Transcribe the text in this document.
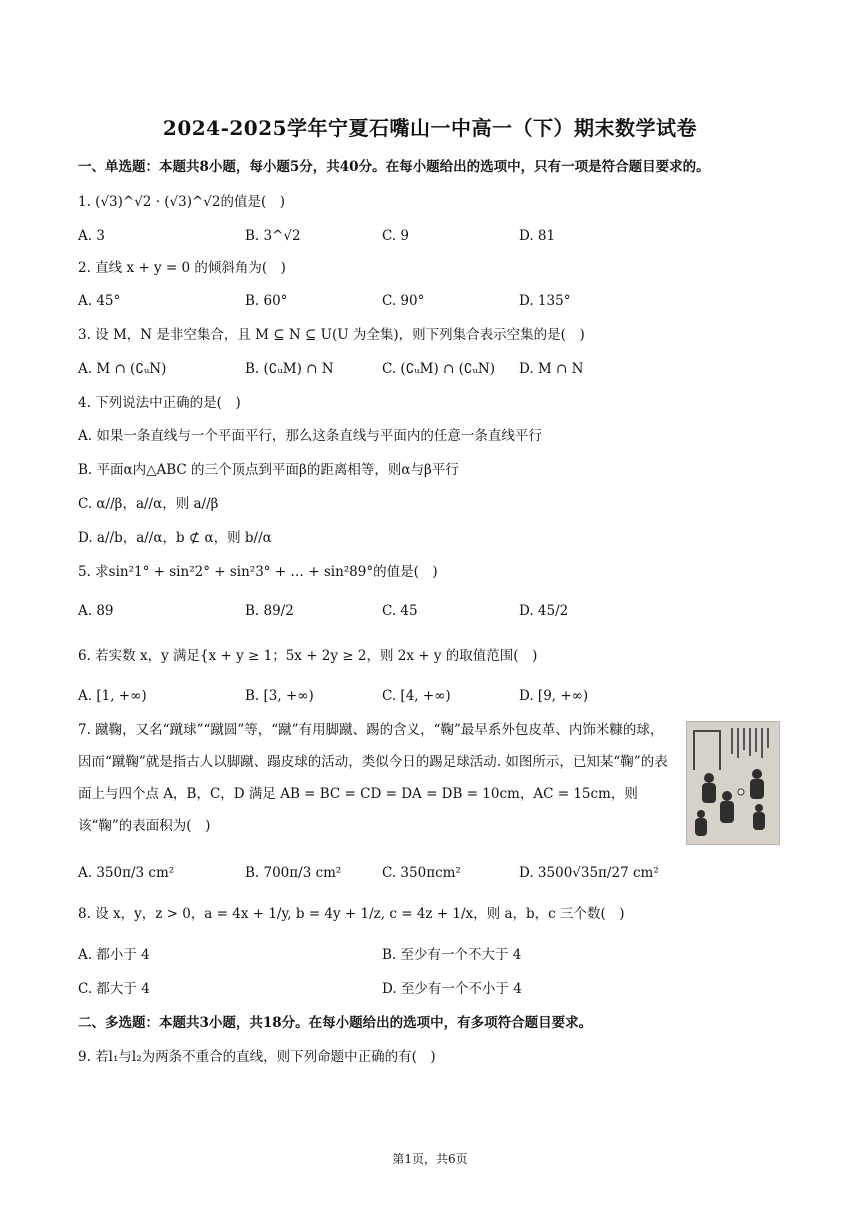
2024-2025学年宁夏石嘴山一中高一（下）期末数学试卷
一、单选题：本题共8小题，每小题5分，共40分。在每小题给出的选项中，只有一项是符合题目要求的。
1. (√3)^√2 · (√3)^√2的值是(　)
A. 3	B. 3^√2	C. 9	D. 81
2. 直线 x + y = 0 的倾斜角为(　)
A. 45°	B. 60°	C. 90°	D. 135°
3. 设 M，N 是非空集合，且 M ⊆ N ⊆ U(U 为全集)，则下列集合表示空集的是(　)
A. M ∩ (∁ᵤN)	B. (∁ᵤM) ∩ N	C. (∁ᵤM) ∩ (∁ᵤN) D. M ∩ N
4. 下列说法中正确的是(　)
A. 如果一条直线与一个平面平行，那么这条直线与平面内的任意一条直线平行
B. 平面α内△ABC 的三个顶点到平面β的距离相等，则α与β平行
C. α//β，a//α，则 a//β
D. a//b，a//α，b ⊄ α，则 b//α
5. 求sin²1° + sin²2° + sin²3° + … + sin²89°的值是(　)
A. 89	B. 89/2	C. 45	D. 45/2
6. 若实数 x，y 满足{x + y ≥ 1；5x + 2y ≥ 2，则 2x + y 的取值范围(　)
A. [1, +∞)	B. [3, +∞)	C. [4, +∞)	D. [9, +∞)
7. 蹴鞠，又名“蹴球”“蹴圆”等，“蹴”有用脚蹴、踢的含义，“鞠”最早系外包皮革、内饰米糠的球，因而“蹴鞠”就是指古人以脚蹴、蹋皮球的活动，类似今日的踢足球活动. 如图所示，已知某“鞠”的表面上与四个点 A，B，C，D 满足 AB = BC = CD = DA = DB = 10cm，AC = 15cm，则该“鞠”的表面积为(　)
A. 350π/3 cm²	B. 700π/3 cm²	C. 350πcm²	D. 3500√35π/27 cm²
8. 设 x，y，z > 0，a = 4x + 1/y, b = 4y + 1/z, c = 4z + 1/x，则 a，b，c 三个数(　)
A. 都小于 4	B. 至少有一个不大于 4
C. 都大于 4	D. 至少有一个不小于 4
二、多选题：本题共3小题，共18分。在每小题给出的选项中，有多项符合题目要求。
9. 若l₁与l₂为两条不重合的直线，则下列命题中正确的有(　)
第1页，共6页
